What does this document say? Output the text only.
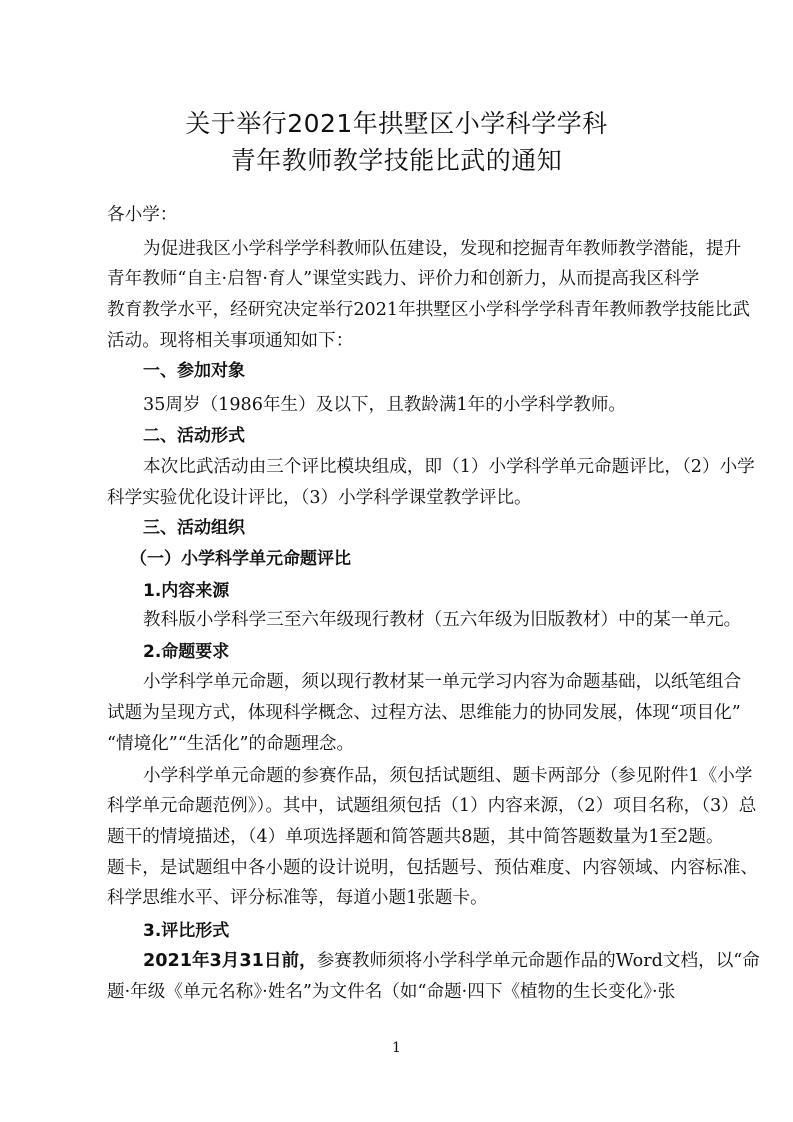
关于举行2021年拱墅区小学科学学科
青年教师教学技能比武的通知
各小学：
为促进我区小学科学学科教师队伍建设，发现和挖掘青年教师教学潜能，提升
青年教师“自主·启智·育人”课堂实践力、评价力和创新力，从而提高我区科学
教育教学水平，经研究决定举行2021年拱墅区小学科学学科青年教师教学技能比武
活动。现将相关事项通知如下：
一、参加对象
35周岁（1986年生）及以下，且教龄满1年的小学科学教师。
二、活动形式
本次比武活动由三个评比模块组成，即（1）小学科学单元命题评比，（2）小学
科学实验优化设计评比，（3）小学科学课堂教学评比。
三、活动组织
（一）小学科学单元命题评比
1.内容来源
教科版小学科学三至六年级现行教材（五六年级为旧版教材）中的某一单元。
2.命题要求
小学科学单元命题，须以现行教材某一单元学习内容为命题基础，以纸笔组合
试题为呈现方式，体现科学概念、过程方法、思维能力的协同发展，体现“项目化”
“情境化”“生活化”的命题理念。
小学科学单元命题的参赛作品，须包括试题组、题卡两部分（参见附件1《小学
科学单元命题范例》）。其中，试题组须包括（1）内容来源，（2）项目名称，（3）总
题干的情境描述，（4）单项选择题和简答题共8题，其中简答题数量为1至2题。
题卡，是试题组中各小题的设计说明，包括题号、预估难度、内容领域、内容标准、
科学思维水平、评分标准等，每道小题1张题卡。
3.评比形式
2021年3月31日前，参赛教师须将小学科学单元命题作品的Word文档，以“命
题·年级《单元名称》·姓名”为文件名（如“命题·四下《植物的生长变化》·张
1
